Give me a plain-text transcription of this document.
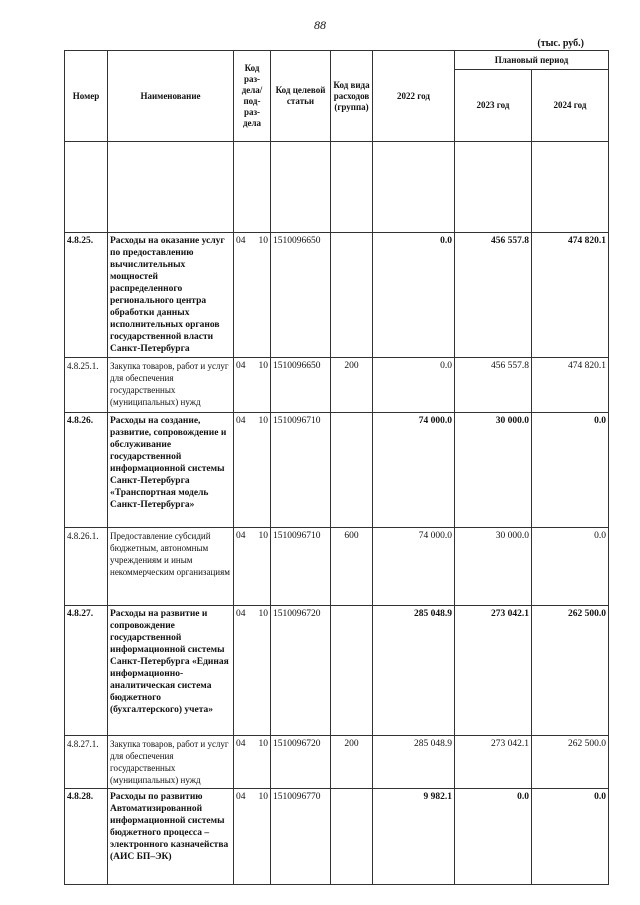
88
(тыс. руб.)
Номер	Наименование	Код раз-дела/ под-раз-дела	Код целевой статьи	Код вида расходов (группа)	2022 год	Плановый период	
						2023 год	2024 год

4.8.25.	Расходы на оказание услуг по предоставлению вычислительных мощностей распределенного регионального центра обработки данных исполнительных органов государственной власти Санкт-Петербурга	04 10	1510096650		0.0	456 557.8	474 820.1
4.8.25.1.	Закупка товаров, работ и услуг для обеспечения государственных (муниципальных) нужд	04 10	1510096650	200	0.0	456 557.8	474 820.1
4.8.26.	Расходы на создание, развитие, сопровождение и обслуживание государственной информационной системы Санкт-Петербурга «Транспортная модель Санкт-Петербурга»	04 10	1510096710		74 000.0	30 000.0	0.0
4.8.26.1.	Предоставление субсидий бюджетным, автономным учреждениям и иным некоммерческим организациям	04 10	1510096710	600	74 000.0	30 000.0	0.0
4.8.27.	Расходы на развитие и сопровождение государственной информационной системы Санкт-Петербурга «Единая информационно-аналитическая система бюджетного (бухгалтерского) учета»	04 10	1510096720		285 048.9	273 042.1	262 500.0
4.8.27.1.	Закупка товаров, работ и услуг для обеспечения государственных (муниципальных) нужд	04 10	1510096720	200	285 048.9	273 042.1	262 500.0
4.8.28.	Расходы по развитию Автоматизированной информационной системы бюджетного процесса – электронного казначейства (АИС БП–ЭК)	04 10	1510096770		9 982.1	0.0	0.0
